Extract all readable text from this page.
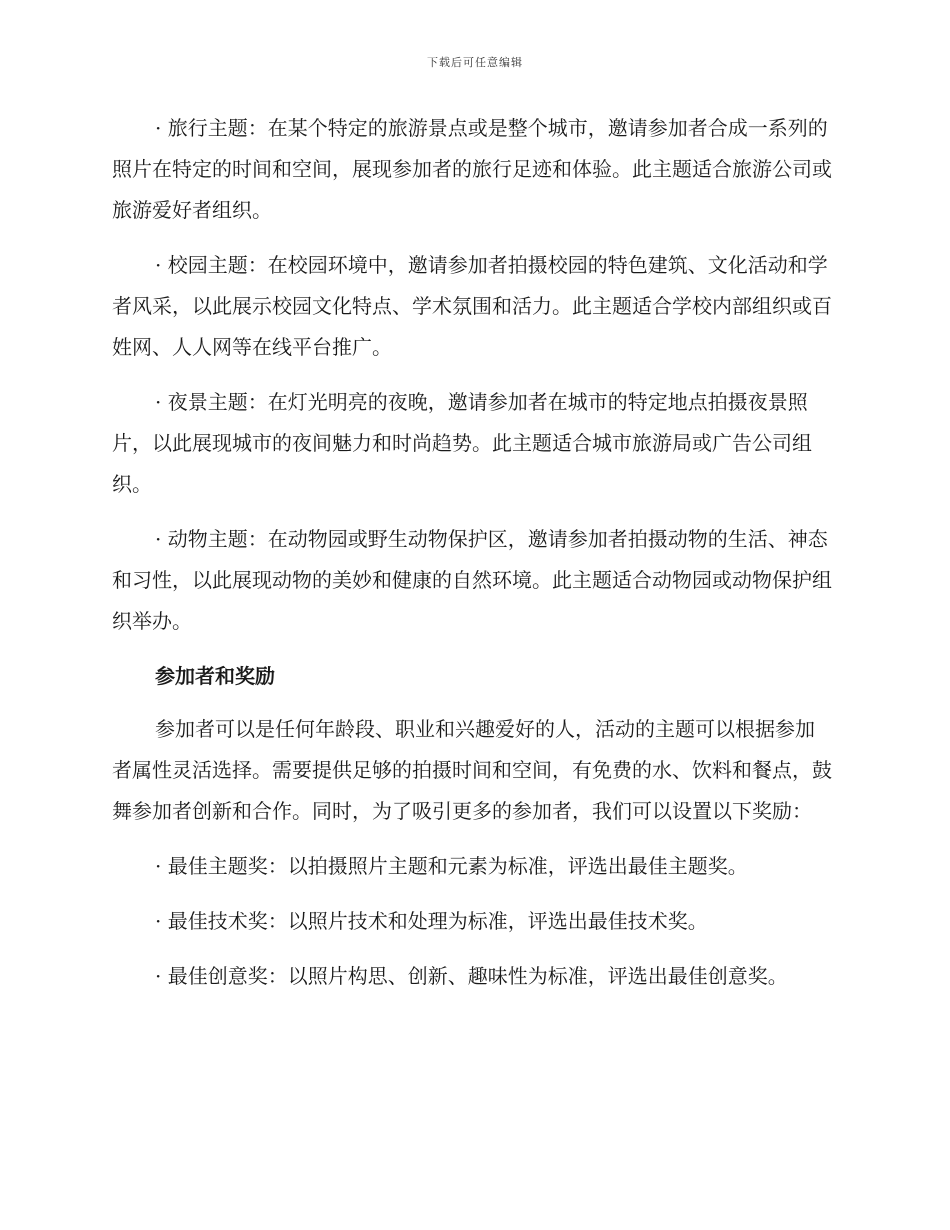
下载后可任意编辑

· 旅行主题：在某个特定的旅游景点或是整个城市，邀请参加者合成一系列的照片在特定的时间和空间，展现参加者的旅行足迹和体验。此主题适合旅游公司或旅游爱好者组织。

· 校园主题：在校园环境中，邀请参加者拍摄校园的特色建筑、文化活动和学者风采，以此展示校园文化特点、学术氛围和活力。此主题适合学校内部组织或百姓网、人人网等在线平台推广。

· 夜景主题：在灯光明亮的夜晚，邀请参加者在城市的特定地点拍摄夜景照片，以此展现城市的夜间魅力和时尚趋势。此主题适合城市旅游局或广告公司组织。

· 动物主题：在动物园或野生动物保护区，邀请参加者拍摄动物的生活、神态和习性，以此展现动物的美妙和健康的自然环境。此主题适合动物园或动物保护组织举办。

参加者和奖励

参加者可以是任何年龄段、职业和兴趣爱好的人，活动的主题可以根据参加者属性灵活选择。需要提供足够的拍摄时间和空间，有免费的水、饮料和餐点，鼓舞参加者创新和合作。同时，为了吸引更多的参加者，我们可以设置以下奖励：

· 最佳主题奖：以拍摄照片主题和元素为标准，评选出最佳主题奖。

· 最佳技术奖：以照片技术和处理为标准，评选出最佳技术奖。

· 最佳创意奖：以照片构思、创新、趣味性为标准，评选出最佳创意奖。
